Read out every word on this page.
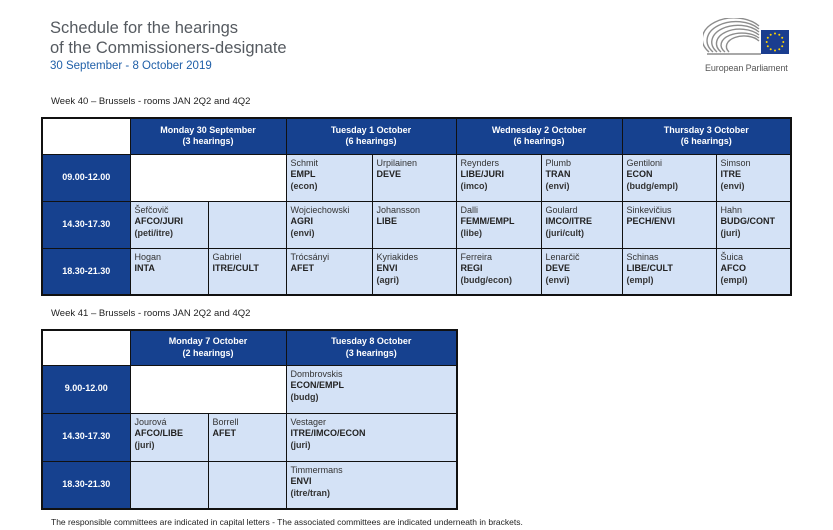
Schedule for the hearings
of the Commissioners-designate
30 September - 8 October 2019	European Parliament
Week 40 – Brussels - rooms JAN 2Q2 and 4Q2

	Monday 30 September
(3 hearings)		Tuesday 1 October
(6 hearings)		Wednesday 2 October
(6 hearings)		Thursday 3 October
(6 hearings)	

09.00-12.00			Schmit
EMPL
(econ)	Urpilainen
DEVE	Reynders
LIBE/JURI
(imco)	Plumb
TRAN
(envi)	Gentiloni
ECON
(budg/empl)	Simson
ITRE
(envi)

14.30-17.30	Šefčovič
AFCO/JURI
(peti/itre)		Wojciechowski
AGRI
(envi)	Johansson
LIBE	Dalli
FEMM/EMPL
(libe)	Goulard
IMCO/ITRE
(juri/cult)	Sinkevičius
PECH/ENVI	Hahn
BUDG/CONT
(juri)

18.30-21.30	Hogan
INTA	Gabriel
ITRE/CULT	Trócsányi
AFET	Kyriakides
ENVI
(agri)	Ferreira
REGI
(budg/econ)	Lenarčič
DEVE
(envi)	Schinas
LIBE/CULT
(empl)	Šuica
AFCO
(empl)
Week 41 – Brussels - rooms JAN 2Q2 and 4Q2

	Monday 7 October
(2 hearings)		Tuesday 8 October
(3 hearings)

9.00-12.00			Dombrovskis
ECON/EMPL
(budg)

14.30-17.30	Jourová
AFCO/LIBE
(juri)	Borrell
AFET	Vestager
ITRE/IMCO/ECON
(juri)

18.30-21.30			Timmermans
ENVI
(itre/tran)
The responsible committees are indicated in capital letters - The associated committees are indicated underneath in brackets.
